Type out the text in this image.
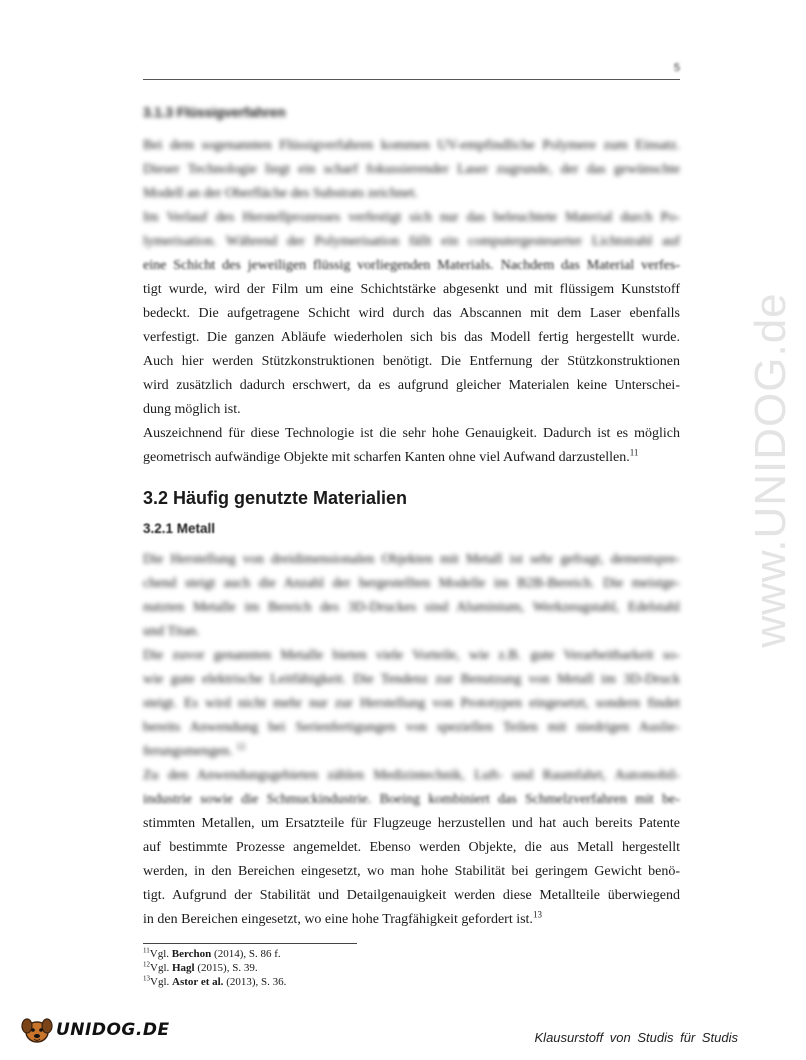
5
www.UNIDOG.de
3.1.3 Flüssigverfahren
Bei dem sogenannten Flüssigverfahren kommen UV-empfindliche Polymere zum Einsatz.
Dieser Technologie liegt ein scharf fokussierender Laser zugrunde, der das gewünschte
Modell an der Oberfläche des Substrats zeichnet.
Im Verlauf des Herstellprozesses verfestigt sich nur das beleuchtete Material durch Po-
lymerisation. Während der Polymerisation fällt ein computergesteuerter Lichtstrahl auf
eine Schicht des jeweiligen flüssig vorliegenden Materials. Nachdem das Material verfes-
tigt wurde, wird der Film um eine Schichtstärke abgesenkt und mit flüssigem Kunststoff
bedeckt. Die aufgetragene Schicht wird durch das Abscannen mit dem Laser ebenfalls
verfestigt. Die ganzen Abläufe wiederholen sich bis das Modell fertig hergestellt wurde.
Auch hier werden Stützkonstruktionen benötigt. Die Entfernung der Stützkonstruktionen
wird zusätzlich dadurch erschwert, da es aufgrund gleicher Materialen keine Unterschei-
dung möglich ist.
Auszeichnend für diese Technologie ist die sehr hohe Genauigkeit. Dadurch ist es möglich
geometrisch aufwändige Objekte mit scharfen Kanten ohne viel Aufwand darzustellen.$^{11}$
3.2 Häufig genutzte Materialien
3.2.1 Metall
Die Herstellung von dreidimensionalen Objekten mit Metall ist sehr gefragt, dementspre-
chend steigt auch die Anzahl der hergestellten Modelle im B2B-Bereich. Die meistge-
nutzten Metalle im Bereich des 3D-Druckes sind Aluminium, Werkzeugstahl, Edelstahl
und Titan.
Die zuvor genannten Metalle bieten viele Vorteile, wie z.B. gute Verarbeitbarkeit so-
wie gute elektrische Leitfähigkeit. Die Tendenz zur Benutzung von Metall im 3D-Druck
steigt. Es wird nicht mehr nur zur Herstellung von Prototypen eingesetzt, sondern findet
bereits Anwendung bei Serienfertigungen von speziellen Teilen mit niedrigen Auslie-
ferungsmengen. $^{12}$
Zu den Anwendungsgebieten zählen Medizintechnik, Luft- und Raumfahrt, Automobil-
industrie sowie die Schmuckindustrie. Boeing kombiniert das Schmelzverfahren mit be-
stimmten Metallen, um Ersatzteile für Flugzeuge herzustellen und hat auch bereits Patente
auf bestimmte Prozesse angemeldet. Ebenso werden Objekte, die aus Metall hergestellt
werden, in den Bereichen eingesetzt, wo man hohe Stabilität bei geringem Gewicht benö-
tigt. Aufgrund der Stabilität und Detailgenauigkeit werden diese Metallteile überwiegend
in den Bereichen eingesetzt, wo eine hohe Tragfähigkeit gefordert ist.$^{13}$
$^{11}$Vgl. Berchon (2014), S. 86 f.
$^{12}$Vgl. Hagl (2015), S. 39.
$^{13}$Vgl. Astor et al. (2013), S. 36.
UNIDOG.DE	Klausurstoff von Studis für Studis
